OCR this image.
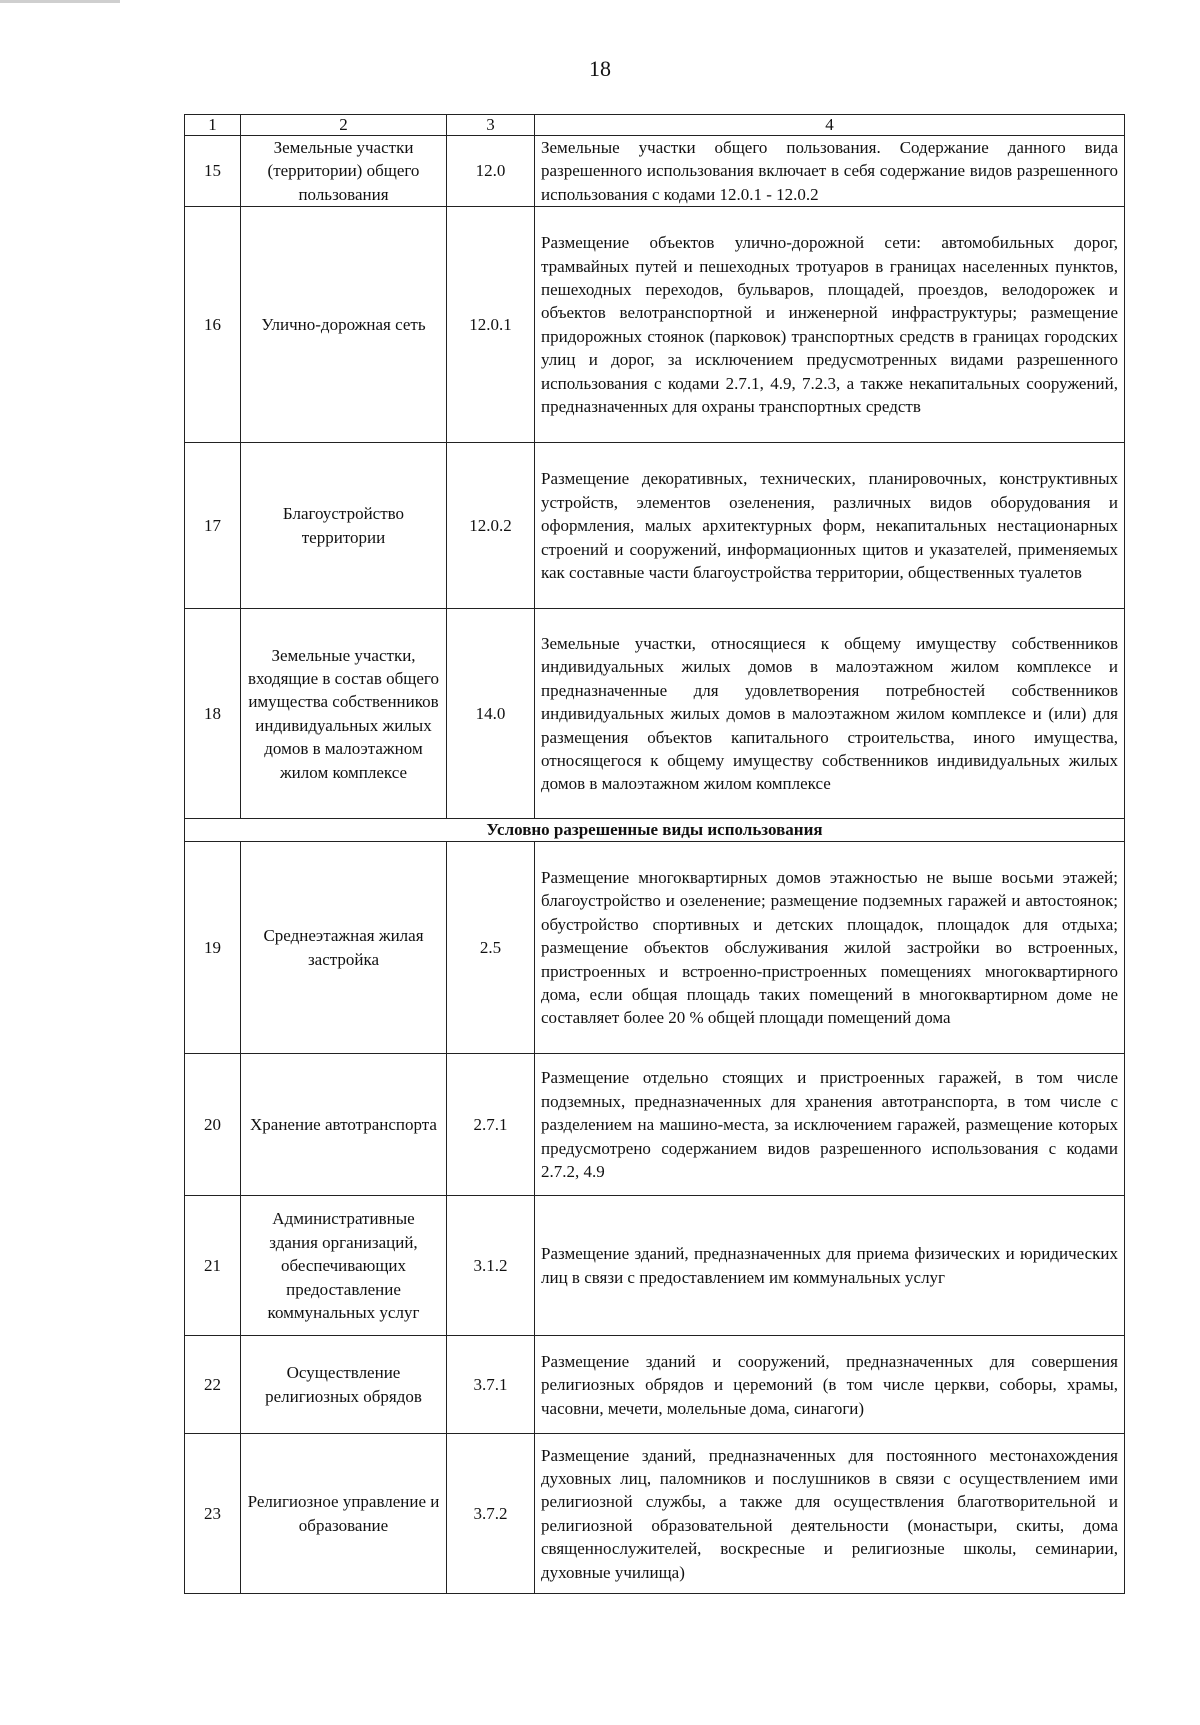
18
1	2	3	4
15	Земельные участки (территории) общего пользования	12.0	Земельные участки общего пользования. Содержание данного вида разрешенного использования включает в себя содержание видов разрешенного использования с кодами 12.0.1 - 12.0.2
16	Улично-дорожная сеть	12.0.1	Размещение объектов улично-дорожной сети: автомобильных дорог, трамвайных путей и пешеходных тротуаров в границах населенных пунктов, пешеходных переходов, бульваров, площадей, проездов, велодорожек и объектов велотранспортной и инженерной инфраструктуры; размещение придорожных стоянок (парковок) транспортных средств в границах городских улиц и дорог, за исключением предусмотренных видами разрешенного использования с кодами 2.7.1, 4.9, 7.2.3, а также некапитальных сооружений, предназначенных для охраны транспортных средств
17	Благоустройство территории	12.0.2	Размещение декоративных, технических, планировочных, конструктивных устройств, элементов озеленения, различных видов оборудования и оформления, малых архитектурных форм, некапитальных нестационарных строений и сооружений, информационных щитов и указателей, применяемых как составные части благоустройства территории, общественных туалетов
18	Земельные участки, входящие в состав общего имущества собственников индивидуальных жилых домов в малоэтажном жилом комплексе	14.0	Земельные участки, относящиеся к общему имуществу собственников индивидуальных жилых домов в малоэтажном жилом комплексе и предназначенные для удовлетворения потребностей собственников индивидуальных жилых домов в малоэтажном жилом комплексе и (или) для размещения объектов капитального строительства, иного имущества, относящегося к общему имуществу собственников индивидуальных жилых домов в малоэтажном жилом комплексе
Условно разрешенные виды использования			
19	Среднеэтажная жилая застройка	2.5	Размещение многоквартирных домов этажностью не выше восьми этажей; благоустройство и озеленение; размещение подземных гаражей и автостоянок; обустройство спортивных и детских площадок, площадок для отдыха; размещение объектов обслуживания жилой застройки во встроенных, пристроенных и встроенно-пристроенных помещениях многоквартирного дома, если общая площадь таких помещений в многоквартирном доме не составляет более 20 % общей площади помещений дома
20	Хранение автотранспорта	2.7.1	Размещение отдельно стоящих и пристроенных гаражей, в том числе подземных, предназначенных для хранения автотранспорта, в том числе с разделением на машино-места, за исключением гаражей, размещение которых предусмотрено содержанием видов разрешенного использования с кодами 2.7.2, 4.9
21	Административные здания организаций, обеспечивающих предоставление коммунальных услуг	3.1.2	Размещение зданий, предназначенных для приема физических и юридических лиц в связи с предоставлением им коммунальных услуг
22	Осуществление религиозных обрядов	3.7.1	Размещение зданий и сооружений, предназначенных для совершения религиозных обрядов и церемоний (в том числе церкви, соборы, храмы, часовни, мечети, молельные дома, синагоги)
23	Религиозное управление и образование	3.7.2	Размещение зданий, предназначенных для постоянного местонахождения духовных лиц, паломников и послушников в связи с осуществлением ими религиозной службы, а также для осуществления благотворительной и религиозной образовательной деятельности (монастыри, скиты, дома священнослужителей, воскресные и религиозные школы, семинарии, духовные училища)
